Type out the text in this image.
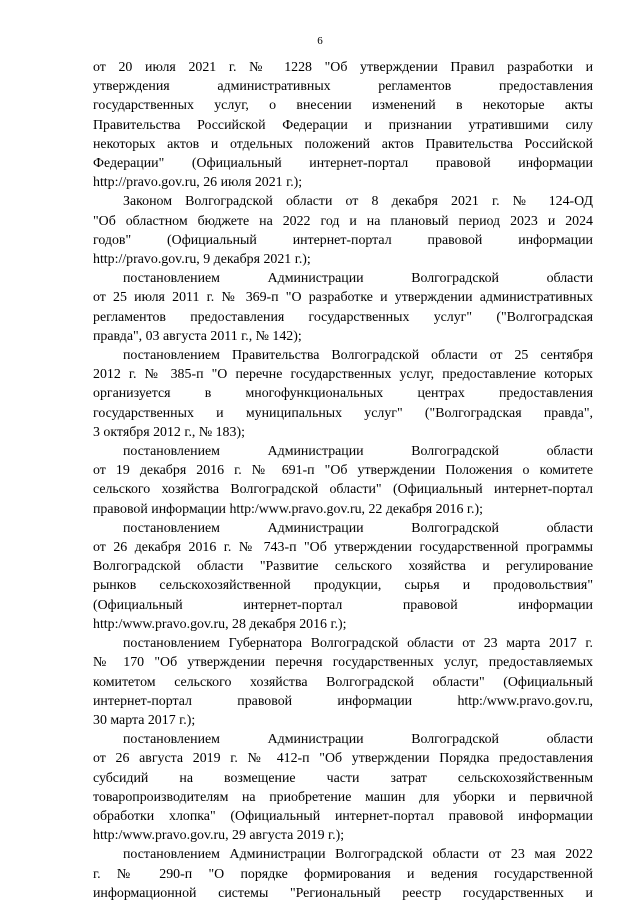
6
от 20 июля 2021 г. № 1228 "Об утверждении Правил разработки и
утверждения административных регламентов предоставления
государственных услуг, о внесении изменений в некоторые акты
Правительства Российской Федерации и признании утратившими силу
некоторых актов и отдельных положений актов Правительства Российской
Федерации" (Официальный интернет-портал правовой информации
http://pravo.gov.ru, 26 июля 2021 г.);
Законом Волгоградской области от 8 декабря 2021 г. № 124-ОД
"Об областном бюджете на 2022 год и на плановый период 2023 и 2024
годов" (Официальный интернет-портал правовой информации
http://pravo.gov.ru, 9 декабря 2021 г.);
постановлением Администрации Волгоградской области
от 25 июля 2011 г. № 369-п "О разработке и утверждении административных
регламентов предоставления государственных услуг" ("Волгоградская
правда", 03 августа 2011 г., № 142);
постановлением Правительства Волгоградской области от 25 сентября
2012 г. № 385-п "О перечне государственных услуг, предоставление которых
организуется в многофункциональных центрах предоставления
государственных и муниципальных услуг" ("Волгоградская правда",
3 октября 2012 г., № 183);
постановлением Администрации Волгоградской области
от 19 декабря 2016 г. № 691-п "Об утверждении Положения о комитете
сельского хозяйства Волгоградской области" (Официальный интернет-портал
правовой информации http:/www.pravo.gov.ru, 22 декабря 2016 г.);
постановлением Администрации Волгоградской области
от 26 декабря 2016 г. № 743-п "Об утверждении государственной программы
Волгоградской области "Развитие сельского хозяйства и регулирование
рынков сельскохозяйственной продукции, сырья и продовольствия"
(Официальный интернет-портал правовой информации
http:/www.pravo.gov.ru, 28 декабря 2016 г.);
постановлением Губернатора Волгоградской области от 23 марта 2017 г.
№ 170 "Об утверждении перечня государственных услуг, предоставляемых
комитетом сельского хозяйства Волгоградской области" (Официальный
интернет-портал правовой информации http:/www.pravo.gov.ru,
30 марта 2017 г.);
постановлением Администрации Волгоградской области
от 26 августа 2019 г. № 412-п "Об утверждении Порядка предоставления
субсидий на возмещение части затрат сельскохозяйственным
товаропроизводителям на приобретение машин для уборки и первичной
обработки хлопка" (Официальный интернет-портал правовой информации
http:/www.pravo.gov.ru, 29 августа 2019 г.);
постановлением Администрации Волгоградской области от 23 мая 2022
г. № 290-п "О порядке формирования и ведения государственной
информационной системы "Региональный реестр государственных и
